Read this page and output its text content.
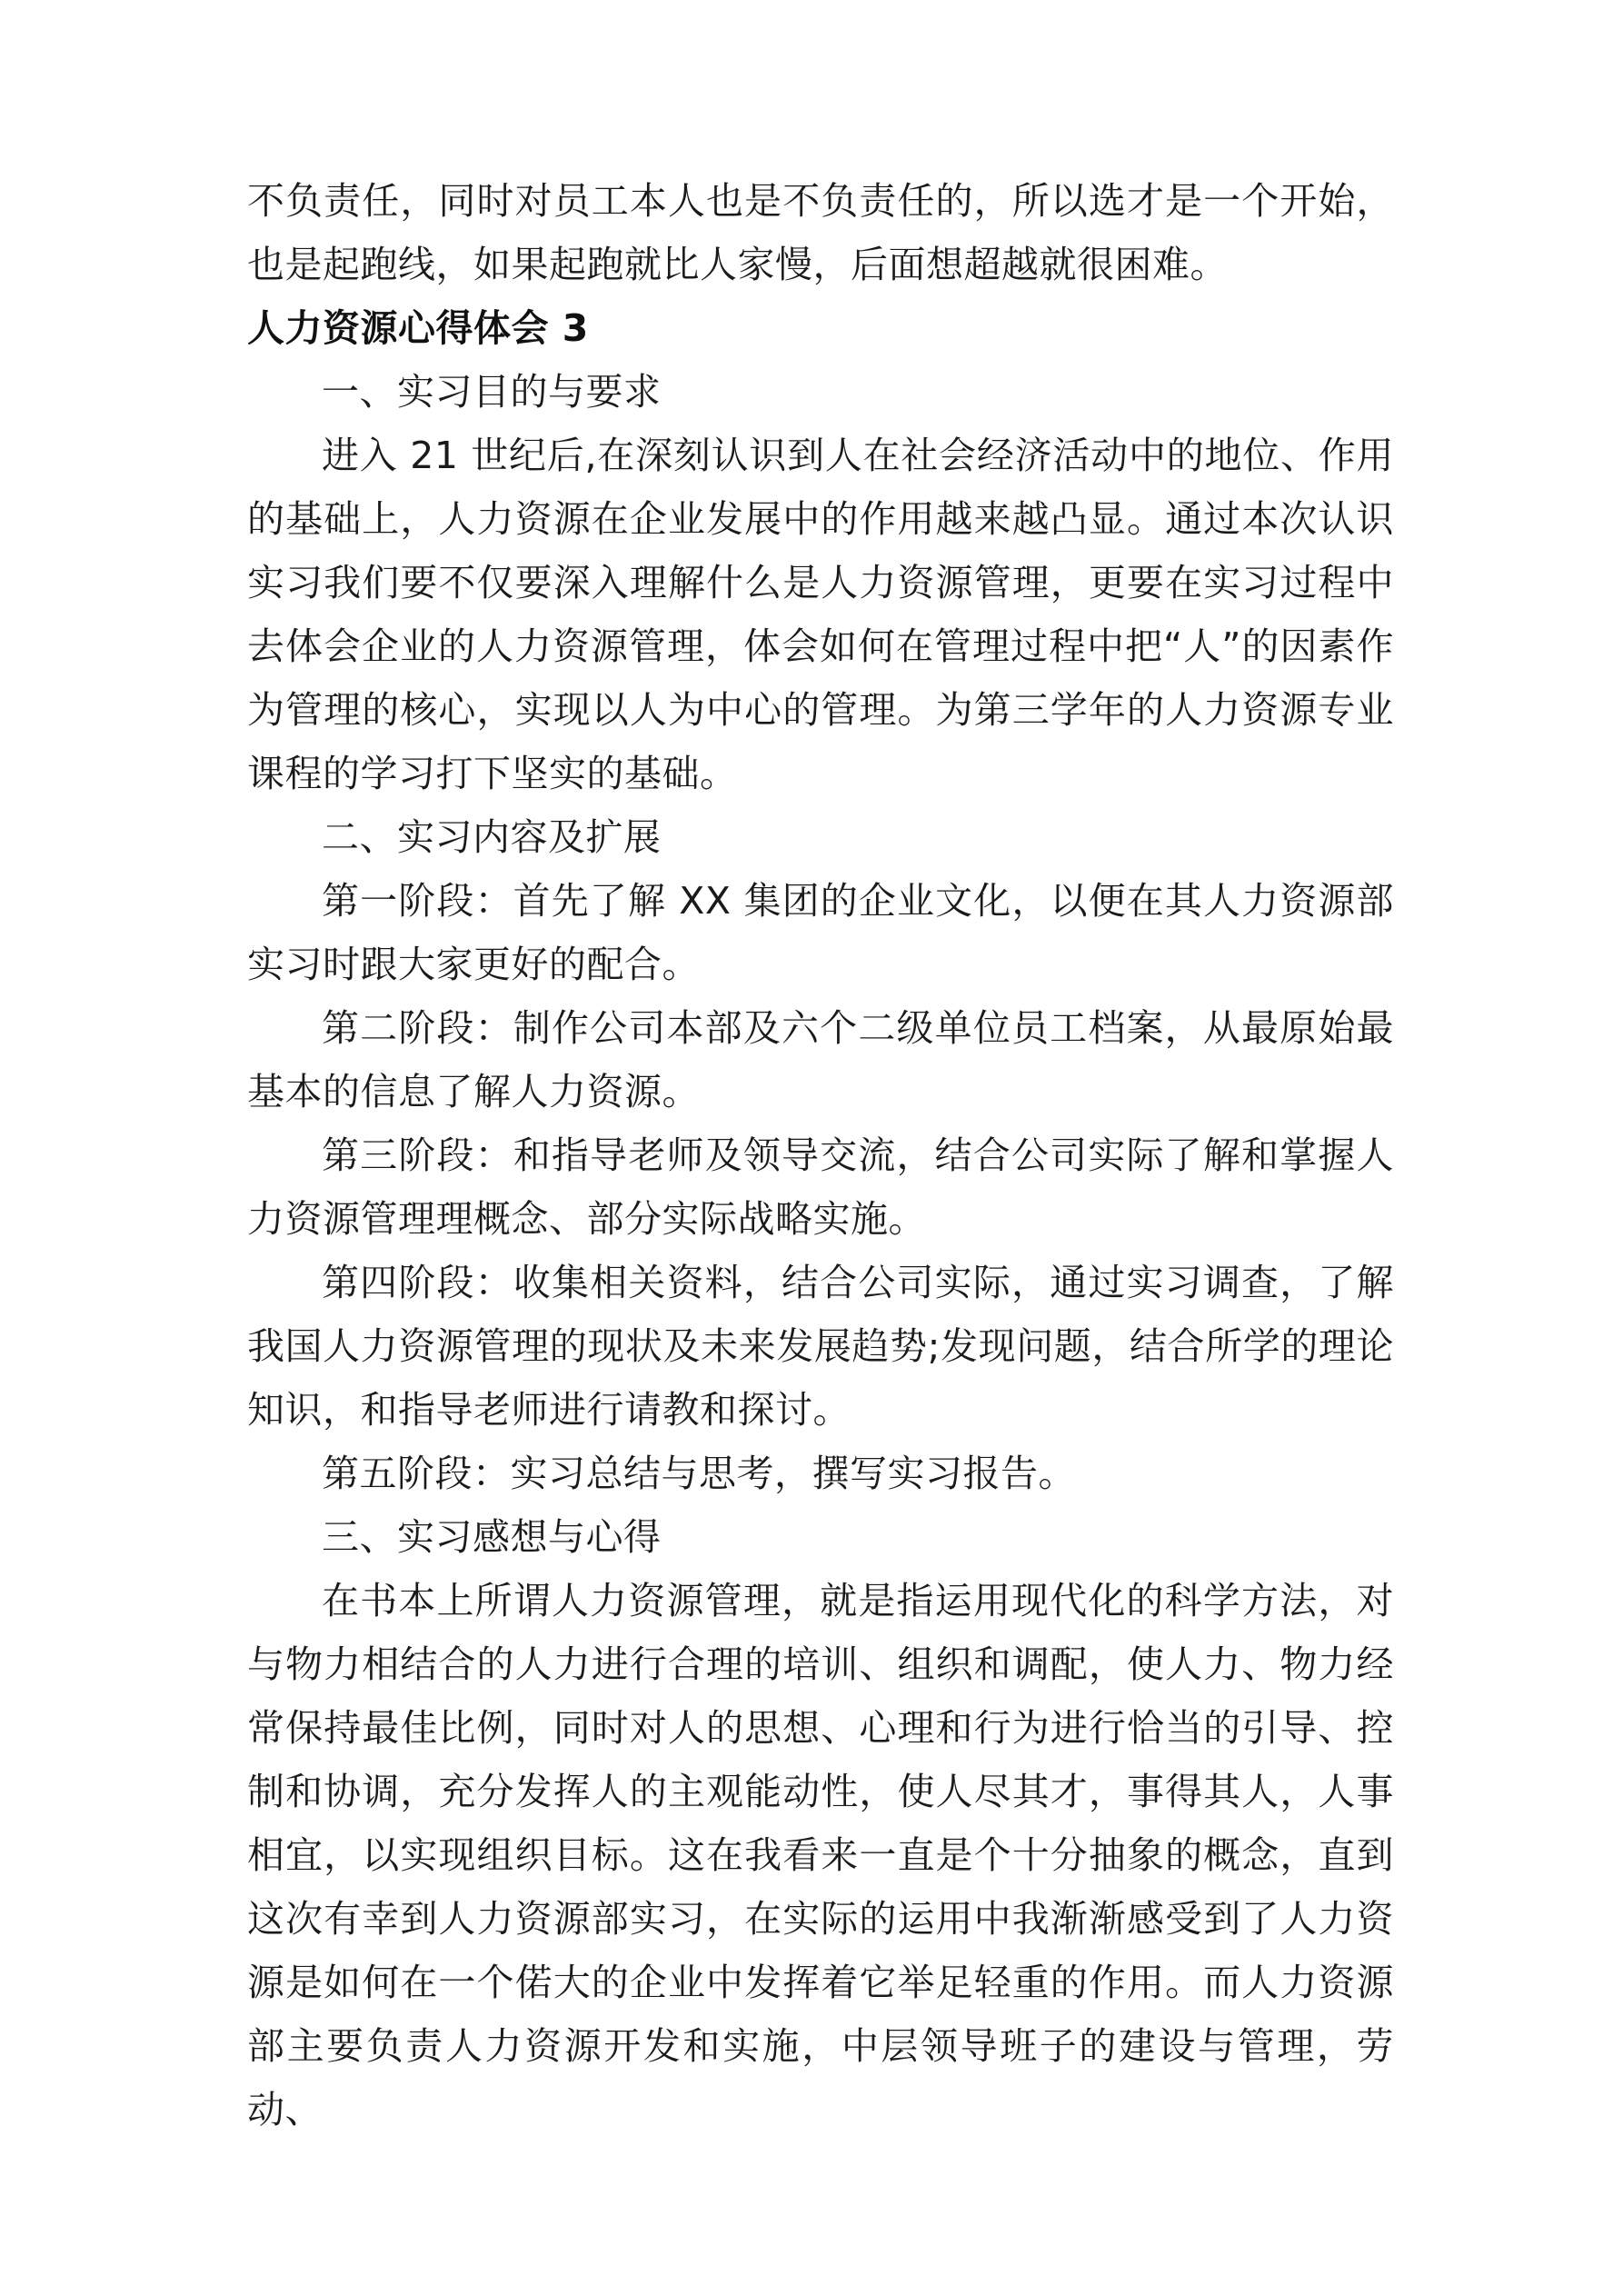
不负责任，同时对员工本人也是不负责任的，所以选才是一个开始，也是起跑线，如果起跑就比人家慢，后面想超越就很困难。

人力资源心得体会 3

一、实习目的与要求

进入 21 世纪后,在深刻认识到人在社会经济活动中的地位、作用的基础上，人力资源在企业发展中的作用越来越凸显。通过本次认识实习我们要不仅要深入理解什么是人力资源管理，更要在实习过程中去体会企业的人力资源管理，体会如何在管理过程中把“人”的因素作为管理的核心，实现以人为中心的管理。为第三学年的人力资源专业课程的学习打下坚实的基础。

二、实习内容及扩展

第一阶段：首先了解 XX 集团的企业文化，以便在其人力资源部实习时跟大家更好的配合。

第二阶段：制作公司本部及六个二级单位员工档案，从最原始最基本的信息了解人力资源。

第三阶段：和指导老师及领导交流，结合公司实际了解和掌握人力资源管理理概念、部分实际战略实施。

第四阶段：收集相关资料，结合公司实际，通过实习调查，了解我国人力资源管理的现状及未来发展趋势;发现问题，结合所学的理论知识，和指导老师进行请教和探讨。

第五阶段：实习总结与思考，撰写实习报告。

三、实习感想与心得

在书本上所谓人力资源管理，就是指运用现代化的科学方法，对与物力相结合的人力进行合理的培训、组织和调配，使人力、物力经常保持最佳比例，同时对人的思想、心理和行为进行恰当的引导、控制和协调，充分发挥人的主观能动性，使人尽其才，事得其人，人事相宜，以实现组织目标。这在我看来一直是个十分抽象的概念，直到这次有幸到人力资源部实习，在实际的运用中我渐渐感受到了人力资源是如何在一个偌大的企业中发挥着它举足轻重的作用。而人力资源部主要负责人力资源开发和实施，中层领导班子的建设与管理，劳动、
